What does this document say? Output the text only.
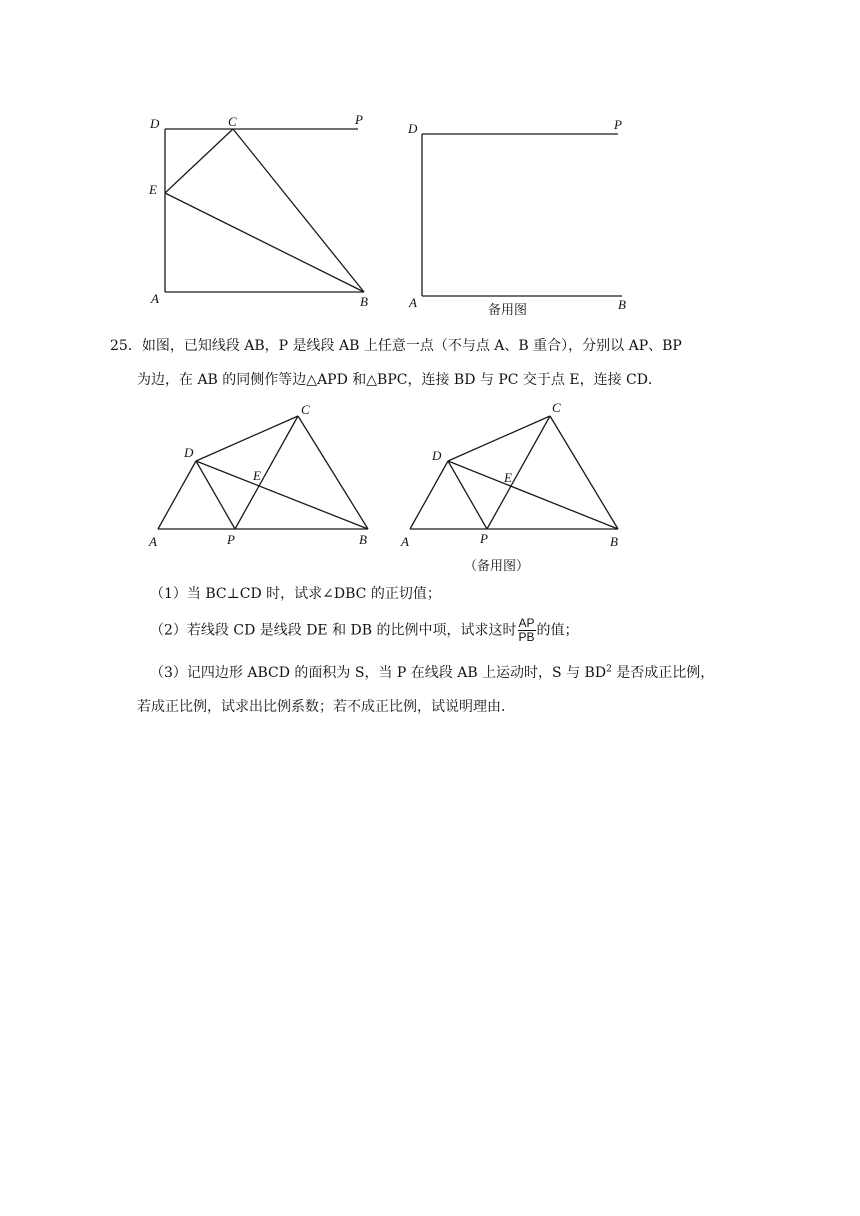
D	C	P
E
A	B
D	P
A	B
备用图
25．如图，已知线段 AB，P 是线段 AB 上任意一点（不与点 A、B 重合），分别以 AP、BP
为边，在 AB 的同侧作等边△APD 和△BPC，连接 BD 与 PC 交于点 E，连接 CD．
C
D
E
A	P	B
C
D
E
A	P	B
（备用图）
（1）当 BC⊥CD 时，试求∠DBC 的正切值；
（2）若线段 CD 是线段 DE 和 DB 的比例中项，试求这时 $\frac{AP}{PB}$ 的值；
（3）记四边形 ABCD 的面积为 S，当 P 在线段 AB 上运动时，S 与 $BD^2$ 是否成正比例，
若成正比例，试求出比例系数；若不成正比例，试说明理由．
